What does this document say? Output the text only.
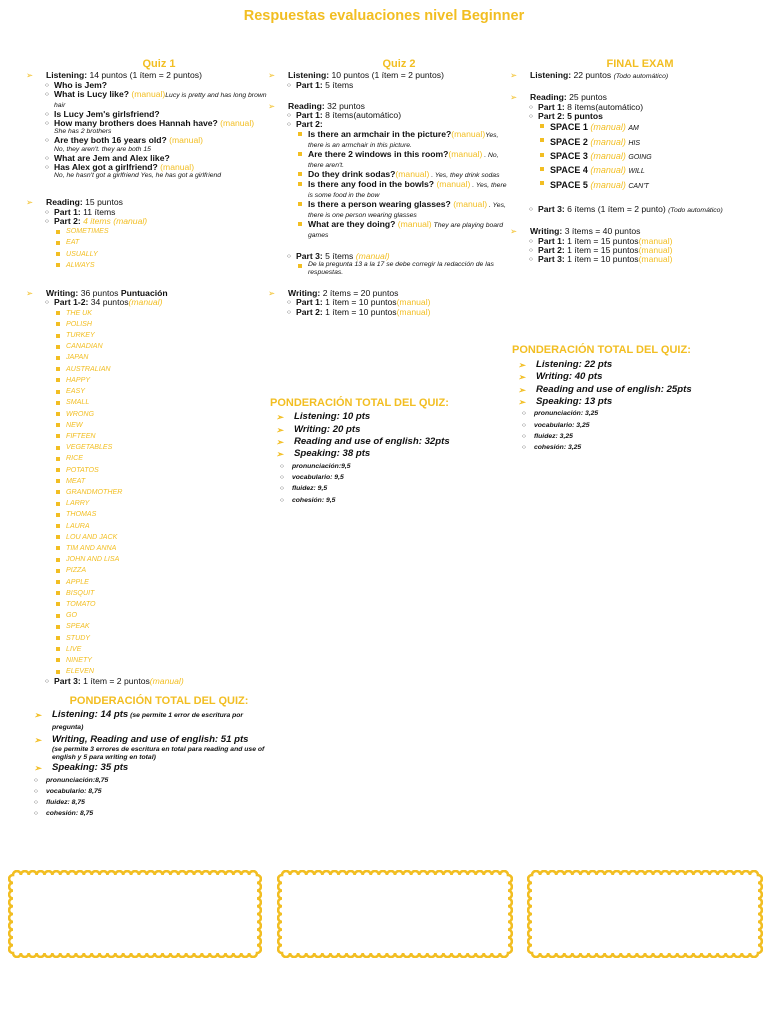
Respuestas evaluaciones nivel Beginner
Quiz 1
➢ Listening: 14 puntos (1 ítem = 2 puntos)
○ Who is Jem?
○ What is Lucy like? (manual)Lucy is pretty and has long brown hair
○ Is Lucy Jem's girlsfriend?
○ How many brothers does Hannah have? (manual)
She has 2 brothers
○ Are they both 16 years old? (manual)
No, they aren't. they are both 15
○ What are Jem and Alex like?
○ Has Alex got a girlfriend? (manual)
No, he hasn't got a girlfriend Yes, he has got a girlfriend
➢ Reading: 15 puntos
○ Part 1: 11 ítems
○ Part 2: 4 items (manual)
SOMETIMES
EAT
USUALLY
ALWAYS
➢ Writing: 36 puntos Puntuación
○ Part 1-2: 34 puntos(manual)
THE UK
POLISH
TURKEY
CANADIAN
JAPAN
AUSTRALIAN
HAPPY
EASY
SMALL
WRONG
NEW
FIFTEEN
VEGETABLES
RICE
POTATOS
MEAT
GRANDMOTHER
LARRY
THOMAS
LAURA
LOU AND JACK
TIM AND ANNA
JOHN AND LISA
PIZZA
APPLE
BISQUIT
TOMATO
GO
SPEAK
STUDY
LIVE
NINETY
ELEVEN
○ Part 3: 1 ítem = 2 puntos(manual)
PONDERACIÓN TOTAL DEL QUIZ:
➢ Listening: 14 pts (se permite 1 error de escritura por pregunta)
➢ Writing, Reading and use of english: 51 pts
(se permite 3 errores de escritura en total para reading and use of english y 5 para writing en total)
➢ Speaking: 35 pts
○ pronunciación:8,75
○ vocabulario: 8,75
○ fluidez: 8,75
○ cohesión: 8,75
Quiz 2
➢ Listening: 10 puntos (1 ítem = 2 puntos)
○ Part 1: 5 ítems
➢ Reading: 32 puntos
○ Part 1: 8 ítems(automático)
○ Part 2:
Is there an armchair in the picture?(manual)Yes, there is an armchair in this picture.
Are there 2 windows in this room?(manual) . No, there aren't.
Do they drink sodas?(manual) . Yes, they drink sodas
Is there any food in the bowls? (manual) . Yes, there is some food in the bow
Is there a person wearing glasses? (manual) . Yes, there is one person wearing glasses
What are they doing? (manual) They are playing board games
○ Part 3: 5 ítems (manual)
De la pregunta 13 a la 17 se debe corregir la redacción de las respuestas.
➢ Writing: 2 ítems = 20 puntos
○ Part 1: 1 ítem = 10 puntos(manual)
○ Part 2: 1 ítem = 10 puntos(manual)
PONDERACIÓN TOTAL DEL QUIZ:
➢ Listening: 10 pts
➢ Writing: 20 pts
➢ Reading and use of english: 32pts
➢ Speaking: 38 pts
○ pronunciación:9,5
○ vocabulario: 9,5
○ fluidez: 9,5
○ cohesión: 9,5
FINAL EXAM
➢ Listening: 22 puntos (Todo automático)
➢ Reading: 25 puntos
○ Part 1: 8 ítems(automático)
○ Part 2: 5 puntos
SPACE 1 (manual) AM
SPACE 2 (manual) HIS
SPACE 3 (manual) GOING
SPACE 4 (manual) WILL
SPACE 5 (manual) CAN'T
○ Part 3: 6 ítems (1 ítem = 2 punto) (Todo automático)
➢ Writing: 3 ítems = 40 puntos
○ Part 1: 1 ítem = 15 puntos(manual)
○ Part 2: 1 ítem = 15 puntos(manual)
○ Part 3: 1 ítem = 10 puntos(manual)
PONDERACIÓN TOTAL DEL QUIZ:
➢ Listening: 22 pts
➢ Writing: 40 pts
➢ Reading and use of english: 25pts
➢ Speaking: 13 pts
○ pronunciación: 3,25
○ vocabulario: 3,25
○ fluidez: 3,25
○ cohesión: 3,25
